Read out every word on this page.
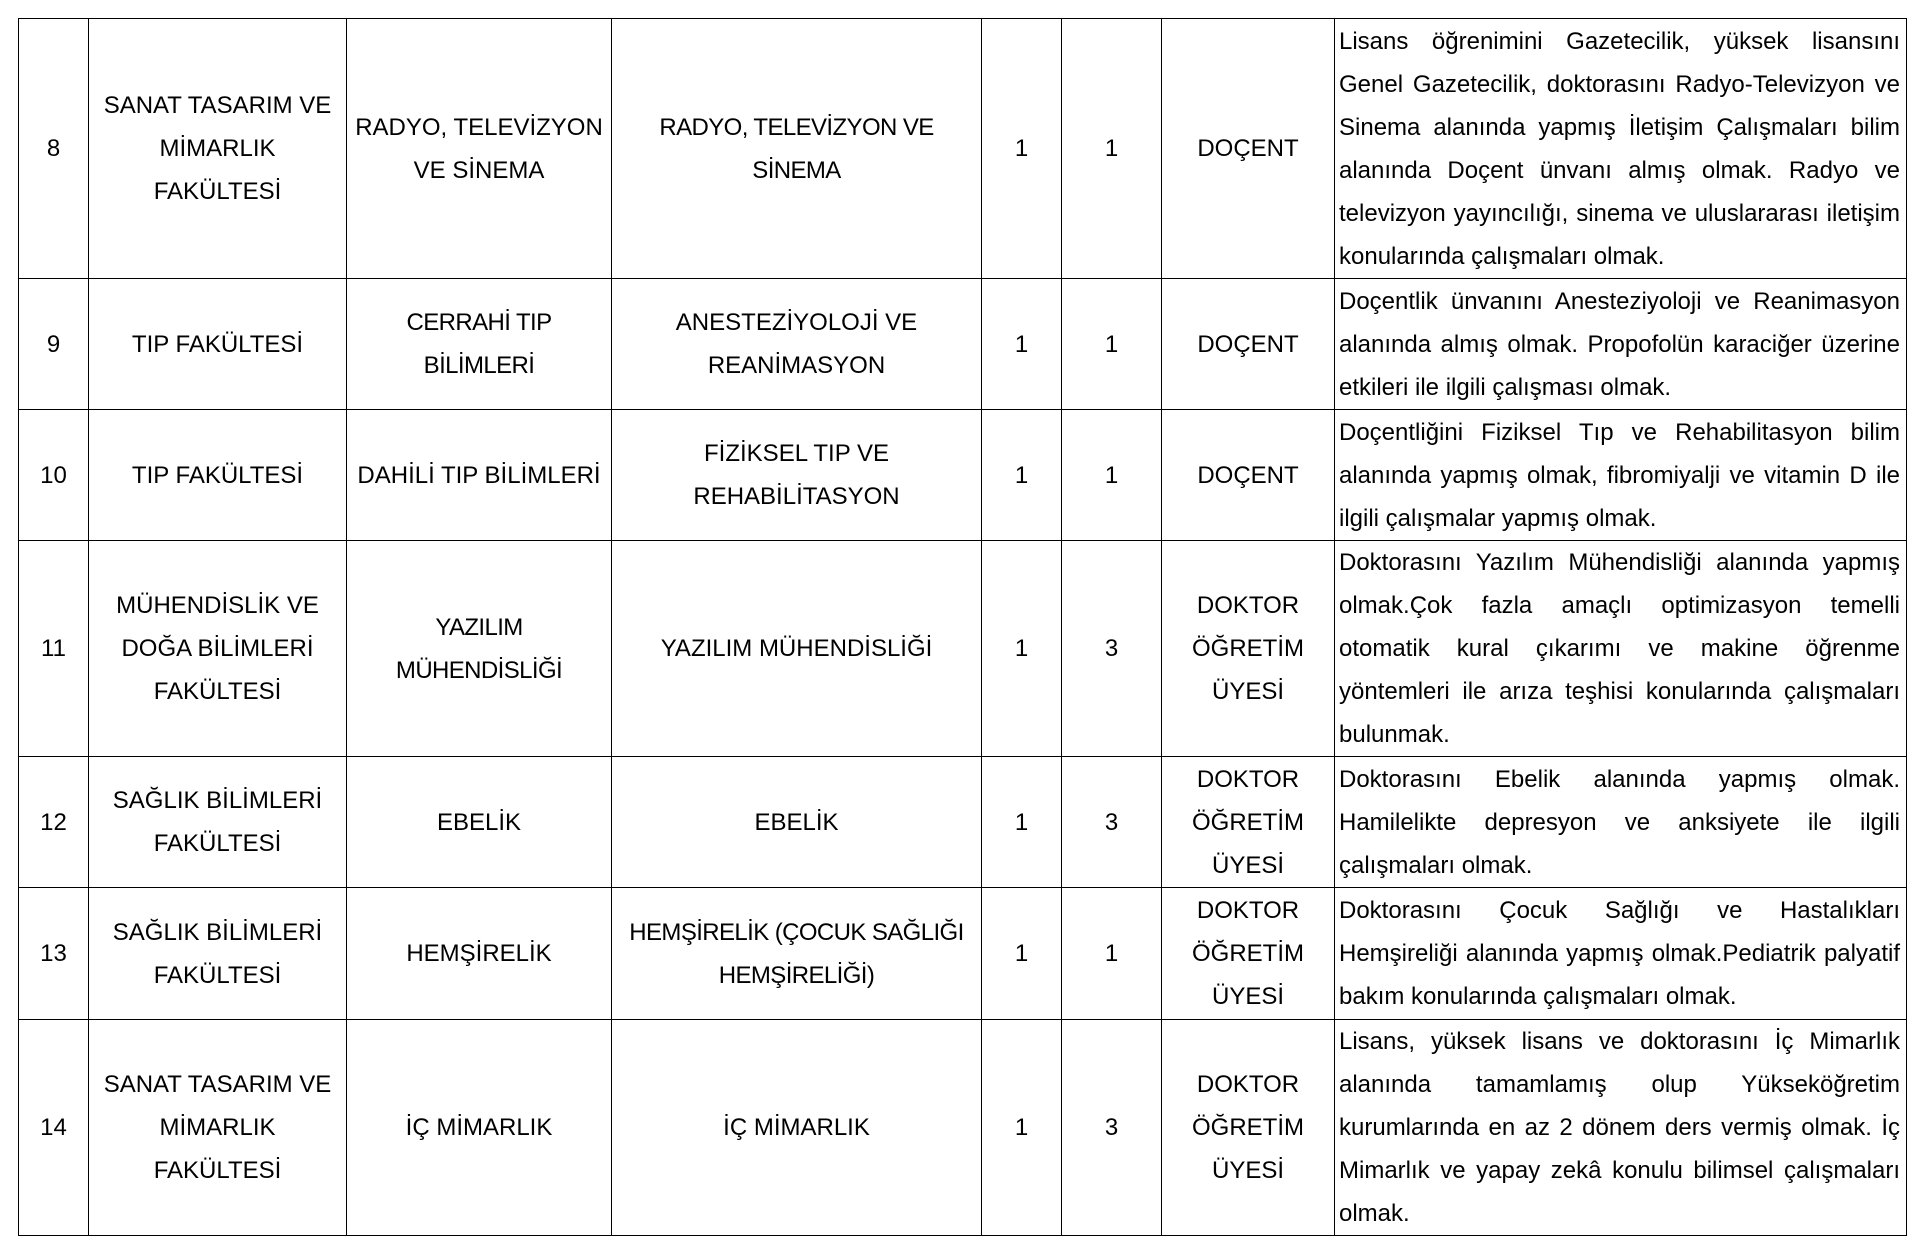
8	SANAT TASARIM VE MİMARLIK FAKÜLTESİ	RADYO, TELEVİZYON VE SİNEMA	RADYO, TELEVİZYON VE SİNEMA	1	1	DOÇENT	Lisans öğrenimini Gazetecilik, yüksek lisansını Genel Gazetecilik, doktorasını Radyo-Televizyon ve Sinema alanında yapmış İletişim Çalışmaları bilim alanında Doçent ünvanı almış olmak. Radyo ve televizyon yayıncılığı, sinema ve uluslararası iletişim konularında çalışmaları olmak.
9	TIP FAKÜLTESİ	CERRAHİ TIP BİLİMLERİ	ANESTEZİYOLOJİ VE REANİMASYON	1	1	DOÇENT	Doçentlik ünvanını Anesteziyoloji ve Reanimasyon alanında almış olmak. Propofolün karaciğer üzerine etkileri ile ilgili çalışması olmak.
10	TIP FAKÜLTESİ	DAHİLİ TIP BİLİMLERİ	FİZİKSEL TIP VE REHABİLİTASYON	1	1	DOÇENT	Doçentliğini Fiziksel Tıp ve Rehabilitasyon bilim alanında yapmış olmak, fibromiyalji ve vitamin D ile ilgili çalışmalar yapmış olmak.
11	MÜHENDİSLİK VE DOĞA BİLİMLERİ FAKÜLTESİ	YAZILIM MÜHENDİSLİĞİ	YAZILIM MÜHENDİSLİĞİ	1	3	DOKTOR ÖĞRETİM ÜYESİ	Doktorasını Yazılım Mühendisliği alanında yapmış olmak.Çok fazla amaçlı optimizasyon temelli otomatik kural çıkarımı ve makine öğrenme yöntemleri ile arıza teşhisi konularında çalışmaları bulunmak.
12	SAĞLIK BİLİMLERİ FAKÜLTESİ	EBELİK	EBELİK	1	3	DOKTOR ÖĞRETİM ÜYESİ	Doktorasını Ebelik alanında yapmış olmak. Hamilelikte depresyon ve anksiyete ile ilgili çalışmaları olmak.
13	SAĞLIK BİLİMLERİ FAKÜLTESİ	HEMŞİRELİK	HEMŞİRELİK (ÇOCUK SAĞLIĞI HEMŞİRELİĞİ)	1	1	DOKTOR ÖĞRETİM ÜYESİ	Doktorasını Çocuk Sağlığı ve Hastalıkları Hemşireliği alanında yapmış olmak.Pediatrik palyatif bakım konularında çalışmaları olmak.
14	SANAT TASARIM VE MİMARLIK FAKÜLTESİ	İÇ MİMARLIK	İÇ MİMARLIK	1	3	DOKTOR ÖĞRETİM ÜYESİ	Lisans, yüksek lisans ve doktorasını İç Mimarlık alanında tamamlamış olup Yükseköğretim kurumlarında en az 2 dönem ders vermiş olmak. İç Mimarlık ve yapay zekâ konulu bilimsel çalışmaları olmak.
